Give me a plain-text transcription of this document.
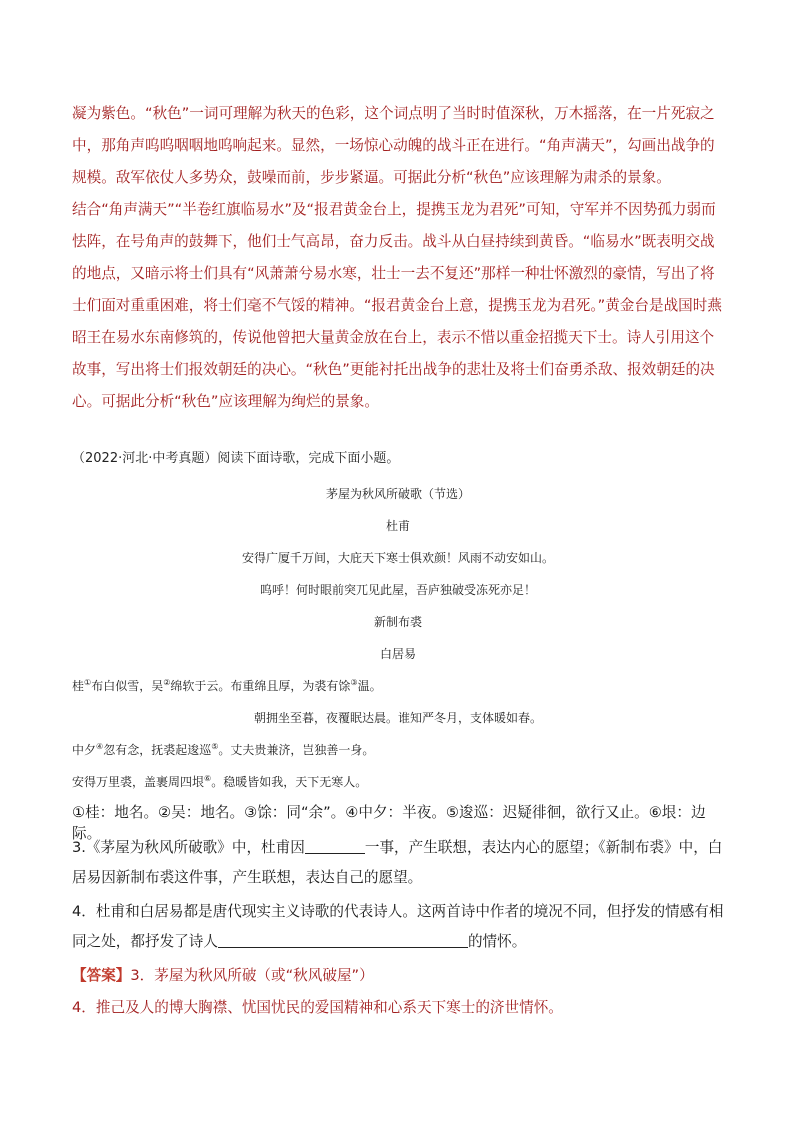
凝为紫色。“秋色”一词可理解为秋天的色彩，这个词点明了当时时值深秋，万木摇落，在一片死寂之中，那角声呜呜咽咽地呜响起来。显然，一场惊心动魄的战斗正在进行。“角声满天”，勾画出战争的规模。敌军依仗人多势众，鼓噪而前，步步紧逼。可据此分析“秋色”应该理解为肃杀的景象。

结合“角声满天”“半卷红旗临易水”及“报君黄金台上，提携玉龙为君死”可知，守军并不因势孤力弱而怯阵，在号角声的鼓舞下，他们士气高昂，奋力反击。战斗从白昼持续到黄昏。“临易水”既表明交战的地点，又暗示将士们具有“风萧萧兮易水寒，壮士一去不复还”那样一种壮怀激烈的豪情，写出了将士们面对重重困难，将士们毫不气馁的精神。“报君黄金台上意，提携玉龙为君死。”黄金台是战国时燕昭王在易水东南修筑的，传说他曾把大量黄金放在台上，表示不惜以重金招揽天下士。诗人引用这个故事，写出将士们报效朝廷的决心。“秋色”更能衬托出战争的悲壮及将士们奋勇杀敌、报效朝廷的决心。可据此分析“秋色”应该理解为绚烂的景象。

（2022·河北·中考真题）阅读下面诗歌，完成下面小题。
茅屋为秋风所破歌（节选）
杜甫
安得广厦千万间，大庇天下寒士俱欢颜！风雨不动安如山。
呜呼！何时眼前突兀见此屋，吾庐独破受冻死亦足！
新制布裘
白居易
桂①布白似雪，吴②绵软于云。布重绵且厚，为裘有馀③温。
朝拥坐至暮，夜覆眠达晨。谁知严冬月，支体暖如春。
中夕④忽有念，抚裘起逡巡⑤。丈夫贵兼济，岂独善一身。
安得万里裘，盖裹周四垠⑥。稳暖皆如我，天下无寒人。
①桂：地名。②吴：地名。③馀：同“余”。④中夕：半夜。⑤逡巡：迟疑徘徊，欲行又止。⑥垠：边际。
3.《茅屋为秋风所破歌》中，杜甫因	一事，产生联想，表达内心的愿望；《新制布裘》中，白居易因新制布裘这件事，产生联想，表达自己的愿望。
4．杜甫和白居易都是唐代现实主义诗歌的代表诗人。这两首诗中作者的境况不同，但抒发的情感有相同之处，都抒发了诗人	的情怀。
【答案】3．茅屋为秋风所破（或“秋风破屋”）
4．推己及人的博大胸襟、忧国忧民的爱国精神和心系天下寒士的济世情怀。
